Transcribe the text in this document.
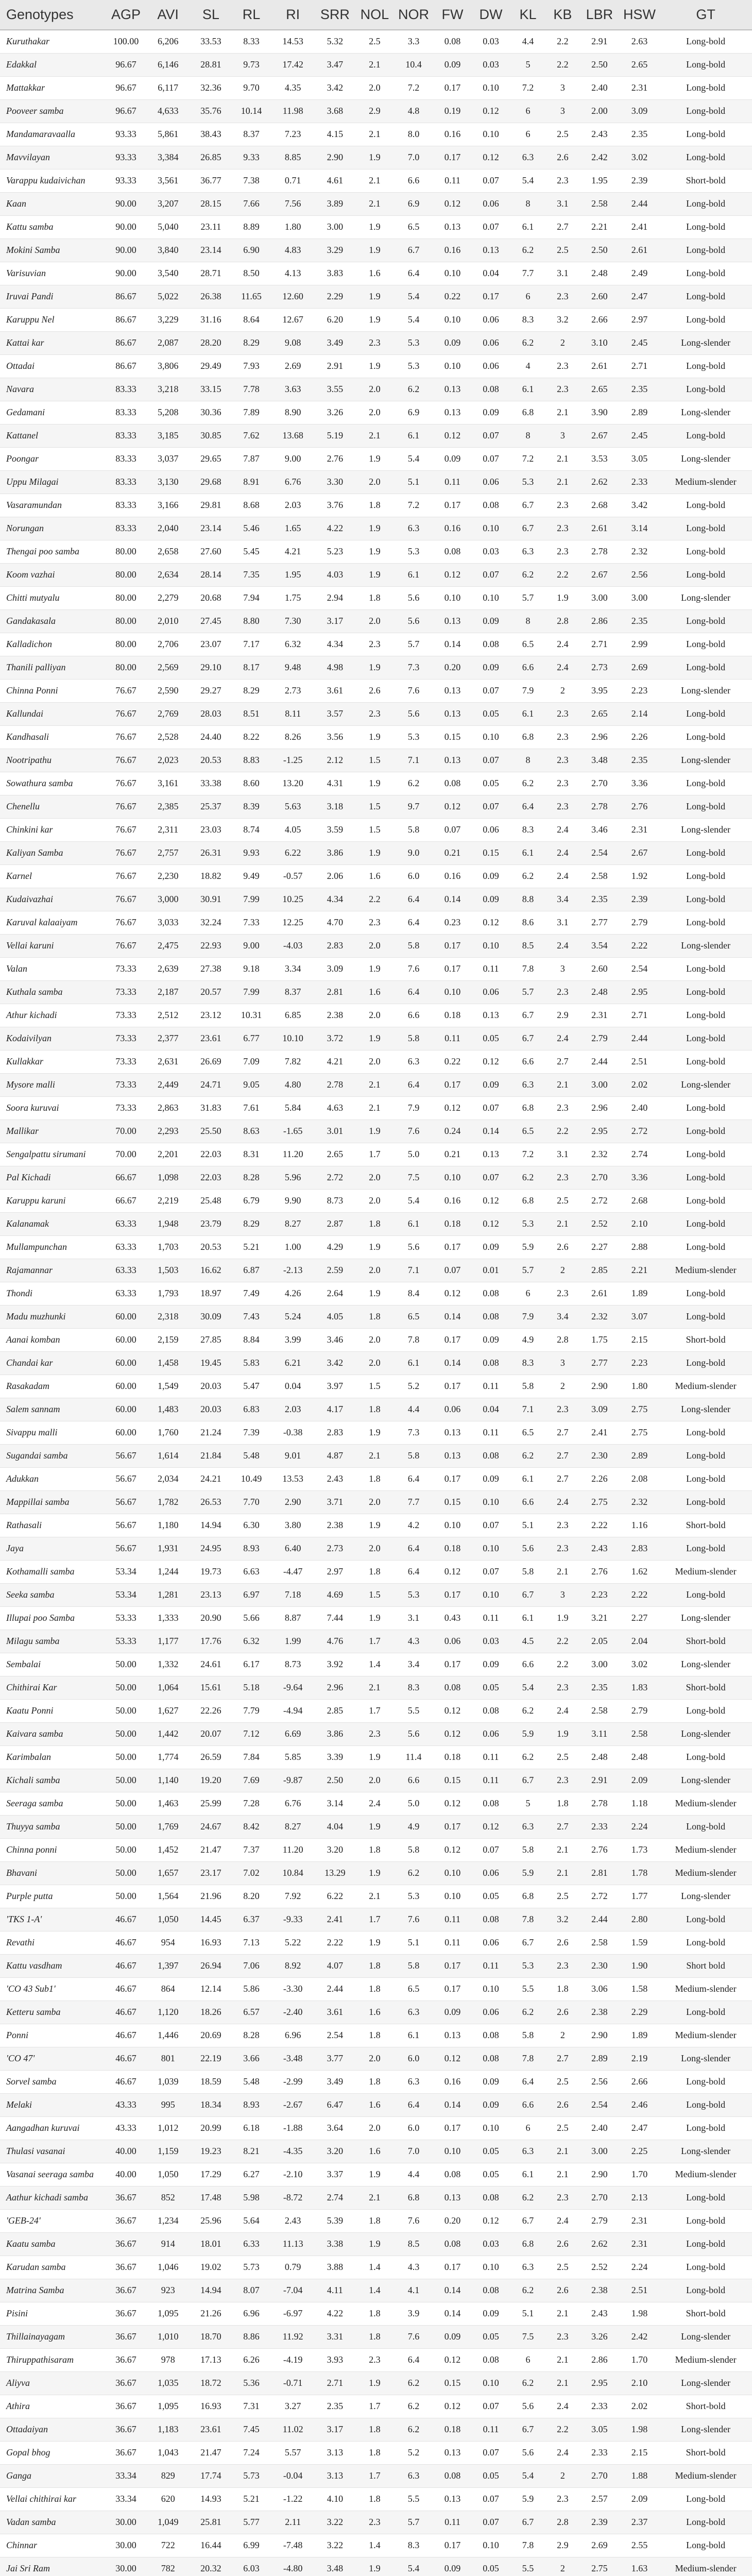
Genotypes	AGP	AVI	SL	RL	RI	SRR	NOL	NOR	FW	DW	KL	KB	LBR	HSW	GT
Kuruthakar	100.00	6,206	33.53	8.33	14.53	5.32	2.5	3.3	0.08	0.03	4.4	2.2	2.91	2.63	Long-bold
Edakkal	96.67	6,146	28.81	9.73	17.42	3.47	2.1	10.4	0.09	0.03	5	2.2	2.50	2.65	Long-bold
Mattakkar	96.67	6,117	32.36	9.70	4.35	3.42	2.0	7.2	0.17	0.10	7.2	3	2.40	2.31	Long-bold
Pooveer samba	96.67	4,633	35.76	10.14	11.98	3.68	2.9	4.8	0.19	0.12	6	3	2.00	3.09	Long-bold
Mandamaravaalla	93.33	5,861	38.43	8.37	7.23	4.15	2.1	8.0	0.16	0.10	6	2.5	2.43	2.35	Long-bold
Mavvilayan	93.33	3,384	26.85	9.33	8.85	2.90	1.9	7.0	0.17	0.12	6.3	2.6	2.42	3.02	Long-bold
Varappu kudaivichan	93.33	3,561	36.77	7.38	0.71	4.61	2.1	6.6	0.11	0.07	5.4	2.3	1.95	2.39	Short-bold
Kaan	90.00	3,207	28.15	7.66	7.56	3.89	2.1	6.9	0.12	0.06	8	3.1	2.58	2.44	Long-bold
Kattu samba	90.00	5,040	23.11	8.89	1.80	3.00	1.9	6.5	0.13	0.07	6.1	2.7	2.21	2.41	Long-bold
Mokini Samba	90.00	3,840	23.14	6.90	4.83	3.29	1.9	6.7	0.16	0.13	6.2	2.5	2.50	2.61	Long-bold
Varisuvian	90.00	3,540	28.71	8.50	4.13	3.83	1.6	6.4	0.10	0.04	7.7	3.1	2.48	2.49	Long-bold
Iruvai Pandi	86.67	5,022	26.38	11.65	12.60	2.29	1.9	5.4	0.22	0.17	6	2.3	2.60	2.47	Long-bold
Karuppu Nel	86.67	3,229	31.16	8.64	12.67	6.20	1.9	5.4	0.10	0.06	8.3	3.2	2.66	2.97	Long-bold
Kattai kar	86.67	2,087	28.20	8.29	9.08	3.49	2.3	5.3	0.09	0.06	6.2	2	3.10	2.45	Long-slender
Ottadai	86.67	3,806	29.49	7.93	2.69	2.91	1.9	5.3	0.10	0.06	4	2.3	2.61	2.71	Long-bold
Navara	83.33	3,218	33.15	7.78	3.63	3.55	2.0	6.2	0.13	0.08	6.1	2.3	2.65	2.35	Long-bold
Gedamani	83.33	5,208	30.36	7.89	8.90	3.26	2.0	6.9	0.13	0.09	6.8	2.1	3.90	2.89	Long-slender
Kattanel	83.33	3,185	30.85	7.62	13.68	5.19	2.1	6.1	0.12	0.07	8	3	2.67	2.45	Long-bold
Poongar	83.33	3,037	29.65	7.87	9.00	2.76	1.9	5.4	0.09	0.07	7.2	2.1	3.53	3.05	Long-slender
Uppu Milagai	83.33	3,130	29.68	8.91	6.76	3.30	2.0	5.1	0.11	0.06	5.3	2.1	2.62	2.33	Medium-slender
Vasaramundan	83.33	3,166	29.81	8.68	2.03	3.76	1.8	7.2	0.17	0.08	6.7	2.3	2.68	3.42	Long-bold
Norungan	83.33	2,040	23.14	5.46	1.65	4.22	1.9	6.3	0.16	0.10	6.7	2.3	2.61	3.14	Long-bold
Thengai poo samba	80.00	2,658	27.60	5.45	4.21	5.23	1.9	5.3	0.08	0.03	6.3	2.3	2.78	2.32	Long-bold
Koom vazhai	80.00	2,634	28.14	7.35	1.95	4.03	1.9	6.1	0.12	0.07	6.2	2.2	2.67	2.56	Long-bold
Chitti mutyalu	80.00	2,279	20.68	7.94	1.75	2.94	1.8	5.6	0.10	0.10	5.7	1.9	3.00	3.00	Long-slender
Gandakasala	80.00	2,010	27.45	8.80	7.30	3.17	2.0	5.6	0.13	0.09	8	2.8	2.86	2.35	Long-bold
Kalladichon	80.00	2,706	23.07	7.17	6.32	4.34	2.3	5.7	0.14	0.08	6.5	2.4	2.71	2.99	Long-bold
Thanili palliyan	80.00	2,569	29.10	8.17	9.48	4.98	1.9	7.3	0.20	0.09	6.6	2.4	2.73	2.69	Long-bold
Chinna Ponni	76.67	2,590	29.27	8.29	2.73	3.61	2.6	7.6	0.13	0.07	7.9	2	3.95	2.23	Long-slender
Kallundai	76.67	2,769	28.03	8.51	8.11	3.57	2.3	5.6	0.13	0.05	6.1	2.3	2.65	2.14	Long-bold
Kandhasali	76.67	2,528	24.40	8.22	8.26	3.56	1.9	5.3	0.15	0.10	6.8	2.3	2.96	2.26	Long-bold
Nootripathu	76.67	2,023	20.53	8.83	-1.25	2.12	1.5	7.1	0.13	0.07	8	2.3	3.48	2.35	Long-slender
Sowathura samba	76.67	3,161	33.38	8.60	13.20	4.31	1.9	6.2	0.08	0.05	6.2	2.3	2.70	3.36	Long-bold
Chenellu	76.67	2,385	25.37	8.39	5.63	3.18	1.5	9.7	0.12	0.07	6.4	2.3	2.78	2.76	Long-bold
Chinkini kar	76.67	2,311	23.03	8.74	4.05	3.59	1.5	5.8	0.07	0.06	8.3	2.4	3.46	2.31	Long-slender
Kaliyan Samba	76.67	2,757	26.31	9.93	6.22	3.86	1.9	9.0	0.21	0.15	6.1	2.4	2.54	2.67	Long-bold
Karnel	76.67	2,230	18.82	9.49	-0.57	2.06	1.6	6.0	0.16	0.09	6.2	2.4	2.58	1.92	Long-bold
Kudaivazhai	76.67	3,000	30.91	7.99	10.25	4.34	2.2	6.4	0.14	0.09	8.8	3.4	2.35	2.39	Long-bold
Karuval kalaaiyam	76.67	3,033	32.24	7.33	12.25	4.70	2.3	6.4	0.23	0.12	8.6	3.1	2.77	2.79	Long-bold
Vellai karuni	76.67	2,475	22.93	9.00	-4.03	2.83	2.0	5.8	0.17	0.10	8.5	2.4	3.54	2.22	Long-slender
Valan	73.33	2,639	27.38	9.18	3.34	3.09	1.9	7.6	0.17	0.11	7.8	3	2.60	2.54	Long-bold
Kuthala samba	73.33	2,187	20.57	7.99	8.37	2.81	1.6	6.4	0.10	0.06	5.7	2.3	2.48	2.95	Long-bold
Athur kichadi	73.33	2,512	23.12	10.31	6.85	2.38	2.0	6.6	0.18	0.13	6.7	2.9	2.31	2.71	Long-bold
Kodaivilyan	73.33	2,377	23.61	6.77	10.10	3.72	1.9	5.8	0.11	0.05	6.7	2.4	2.79	2.44	Long-bold
Kullakkar	73.33	2,631	26.69	7.09	7.82	4.21	2.0	6.3	0.22	0.12	6.6	2.7	2.44	2.51	Long-bold
Mysore malli	73.33	2,449	24.71	9.05	4.80	2.78	2.1	6.4	0.17	0.09	6.3	2.1	3.00	2.02	Long-slender
Soora kuruvai	73.33	2,863	31.83	7.61	5.84	4.63	2.1	7.9	0.12	0.07	6.8	2.3	2.96	2.40	Long-bold
Mallikar	70.00	2,293	25.50	8.63	-1.65	3.01	1.9	7.6	0.24	0.14	6.5	2.2	2.95	2.72	Long-bold
Sengalpattu sirumani	70.00	2,201	22.03	8.31	11.20	2.65	1.7	5.0	0.21	0.13	7.2	3.1	2.32	2.74	Long-bold
Pal Kichadi	66.67	1,098	22.03	8.28	5.96	2.72	2.0	7.5	0.10	0.07	6.2	2.3	2.70	3.36	Long-bold
Karuppu karuni	66.67	2,219	25.48	6.79	9.90	8.73	2.0	5.4	0.16	0.12	6.8	2.5	2.72	2.68	Long-bold
Kalanamak	63.33	1,948	23.79	8.29	8.27	2.87	1.8	6.1	0.18	0.12	5.3	2.1	2.52	2.10	Long-bold
Mullampunchan	63.33	1,703	20.53	5.21	1.00	4.29	1.9	5.6	0.17	0.09	5.9	2.6	2.27	2.88	Long-bold
Rajamannar	63.33	1,503	16.62	6.87	-2.13	2.59	2.0	7.1	0.07	0.01	5.7	2	2.85	2.21	Medium-slender
Thondi	63.33	1,793	18.97	7.49	4.26	2.64	1.9	8.4	0.12	0.08	6	2.3	2.61	1.89	Long-bold
Madu muzhunki	60.00	2,318	30.09	7.43	5.24	4.05	1.8	6.5	0.14	0.08	7.9	3.4	2.32	3.07	Long-bold
Aanai komban	60.00	2,159	27.85	8.84	3.99	3.46	2.0	7.8	0.17	0.09	4.9	2.8	1.75	2.15	Short-bold
Chandai kar	60.00	1,458	19.45	5.83	6.21	3.42	2.0	6.1	0.14	0.08	8.3	3	2.77	2.23	Long-bold
Rasakadam	60.00	1,549	20.03	5.47	0.04	3.97	1.5	5.2	0.17	0.11	5.8	2	2.90	1.80	Medium-slender
Salem sannam	60.00	1,483	20.03	6.83	2.03	4.17	1.8	4.4	0.06	0.04	7.1	2.3	3.09	2.75	Long-slender
Sivappu malli	60.00	1,760	21.24	7.39	-0.38	2.83	1.9	7.3	0.13	0.11	6.5	2.7	2.41	2.75	Long-bold
Sugandai samba	56.67	1,614	21.84	5.48	9.01	4.87	2.1	5.8	0.13	0.08	6.2	2.7	2.30	2.89	Long-bold
Adukkan	56.67	2,034	24.21	10.49	13.53	2.43	1.8	6.4	0.17	0.09	6.1	2.7	2.26	2.08	Long-bold
Mappillai samba	56.67	1,782	26.53	7.70	2.90	3.71	2.0	7.7	0.15	0.10	6.6	2.4	2.75	2.32	Long-bold
Rathasali	56.67	1,180	14.94	6.30	3.80	2.38	1.9	4.2	0.10	0.07	5.1	2.3	2.22	1.16	Short-bold
Jaya	56.67	1,931	24.95	8.93	6.40	2.73	2.0	6.4	0.18	0.10	5.6	2.3	2.43	2.83	Long-bold
Kothamalli samba	53.34	1,244	19.73	6.63	-4.47	2.97	1.8	6.4	0.12	0.07	5.8	2.1	2.76	1.62	Medium-slender
Seeka samba	53.34	1,281	23.13	6.97	7.18	4.69	1.5	5.3	0.17	0.10	6.7	3	2.23	2.22	Long-bold
Illupai poo Samba	53.33	1,333	20.90	5.66	8.87	7.44	1.9	3.1	0.43	0.11	6.1	1.9	3.21	2.27	Long-slender
Milagu samba	53.33	1,177	17.76	6.32	1.99	4.76	1.7	4.3	0.06	0.03	4.5	2.2	2.05	2.04	Short-bold
Sembalai	50.00	1,332	24.61	6.17	8.73	3.92	1.4	3.4	0.17	0.09	6.6	2.2	3.00	3.02	Long-slender
Chithirai Kar	50.00	1,064	15.61	5.18	-9.64	2.96	2.1	8.3	0.08	0.05	5.4	2.3	2.35	1.83	Short-bold
Kaatu Ponni	50.00	1,627	22.26	7.79	-4.94	2.85	1.7	5.5	0.12	0.08	6.2	2.4	2.58	2.79	Long-bold
Kaivara samba	50.00	1,442	20.07	7.12	6.69	3.86	2.3	5.6	0.12	0.06	5.9	1.9	3.11	2.58	Long-slender
Karimbalan	50.00	1,774	26.59	7.84	5.85	3.39	1.9	11.4	0.18	0.11	6.2	2.5	2.48	2.48	Long-bold
Kichali samba	50.00	1,140	19.20	7.69	-9.87	2.50	2.0	6.6	0.15	0.11	6.7	2.3	2.91	2.09	Long-slender
Seeraga samba	50.00	1,463	25.99	7.28	6.76	3.14	2.4	5.0	0.12	0.08	5	1.8	2.78	1.18	Medium-slender
Thuyya samba	50.00	1,769	24.67	8.42	8.27	4.04	1.9	4.9	0.17	0.12	6.3	2.7	2.33	2.24	Long-bold
Chinna ponni	50.00	1,452	21.47	7.37	11.20	3.20	1.8	5.8	0.12	0.07	5.8	2.1	2.76	1.73	Medium-slender
Bhavani	50.00	1,657	23.17	7.02	10.84	13.29	1.9	6.2	0.10	0.06	5.9	2.1	2.81	1.78	Medium-slender
Purple putta	50.00	1,564	21.96	8.20	7.92	6.22	2.1	5.3	0.10	0.05	6.8	2.5	2.72	1.77	Long-slender
'TKS 1-A'	46.67	1,050	14.45	6.37	-9.33	2.41	1.7	7.6	0.11	0.08	7.8	3.2	2.44	2.80	Long-bold
Revathi	46.67	954	16.93	7.13	5.22	2.22	1.9	5.1	0.11	0.06	6.7	2.6	2.58	1.59	Long-bold
Kattu vasdham	46.67	1,397	26.94	7.06	8.92	4.07	1.8	5.8	0.17	0.11	5.3	2.3	2.30	1.90	Short bold
'CO 43 Sub1'	46.67	864	12.14	5.86	-3.30	2.44	1.8	6.5	0.17	0.10	5.5	1.8	3.06	1.58	Medium-slender
Ketteru samba	46.67	1,120	18.26	6.57	-2.40	3.61	1.6	6.3	0.09	0.06	6.2	2.6	2.38	2.29	Long-bold
Ponni	46.67	1,446	20.69	8.28	6.96	2.54	1.8	6.1	0.13	0.08	5.8	2	2.90	1.89	Medium-slender
'CO 47'	46.67	801	22.19	3.66	-3.48	3.77	2.0	6.0	0.12	0.08	7.8	2.7	2.89	2.19	Long-slender
Sorvel samba	46.67	1,039	18.59	5.48	-2.99	3.49	1.8	6.3	0.16	0.09	6.4	2.5	2.56	2.66	Long-bold
Melaki	43.33	995	18.34	8.93	-2.67	6.47	1.6	6.4	0.14	0.09	6.6	2.6	2.54	2.46	Long-bold
Aangadhan kuruvai	43.33	1,012	20.99	6.18	-1.88	3.64	2.0	6.0	0.17	0.10	6	2.5	2.40	2.47	Long-bold
Thulasi vasanai	40.00	1,159	19.23	8.21	-4.35	3.20	1.6	7.0	0.10	0.05	6.3	2.1	3.00	2.25	Long-slender
Vasanai seeraga samba	40.00	1,050	17.29	6.27	-2.10	3.37	1.9	4.4	0.08	0.05	6.1	2.1	2.90	1.70	Medium-slender
Aathur kichadi samba	36.67	852	17.48	5.98	-8.72	2.74	2.1	6.8	0.13	0.08	6.2	2.3	2.70	2.13	Long-bold
'GEB-24'	36.67	1,234	25.96	5.64	2.43	5.39	1.8	7.6	0.20	0.12	6.7	2.4	2.79	2.31	Long-bold
Kaatu samba	36.67	914	18.01	6.33	11.13	3.38	1.9	8.5	0.08	0.03	6.8	2.6	2.62	2.31	Long-bold
Karudan samba	36.67	1,046	19.02	5.73	0.79	3.88	1.4	4.3	0.17	0.10	6.3	2.5	2.52	2.24	Long-bold
Matrina Samba	36.67	923	14.94	8.07	-7.04	4.11	1.4	4.1	0.14	0.08	6.2	2.6	2.38	2.51	Long-bold
Pisini	36.67	1,095	21.26	6.96	-6.97	4.22	1.8	3.9	0.14	0.09	5.1	2.1	2.43	1.98	Short-bold
Thillainayagam	36.67	1,010	18.70	8.86	11.92	3.31	1.8	7.6	0.09	0.05	7.5	2.3	3.26	2.42	Long-slender
Thiruppathisaram	36.67	978	17.13	6.26	-4.19	3.93	2.3	6.4	0.12	0.08	6	2.1	2.86	1.70	Medium-slender
Aliyva	36.67	1,035	18.72	5.36	-0.71	2.71	1.9	6.2	0.15	0.10	6.2	2.1	2.95	2.10	Long-slender
Athira	36.67	1,095	16.93	7.31	3.27	2.35	1.7	6.2	0.12	0.07	5.6	2.4	2.33	2.02	Short-bold
Ottadaiyan	36.67	1,183	23.61	7.45	11.02	3.17	1.8	6.2	0.18	0.11	6.7	2.2	3.05	1.98	Long-slender
Gopal bhog	36.67	1,043	21.47	7.24	5.57	3.13	1.8	5.2	0.13	0.07	5.6	2.4	2.33	2.15	Short-bold
Ganga	33.34	829	17.74	5.73	-0.04	3.13	1.7	6.3	0.08	0.05	5.4	2	2.70	1.88	Medium-slender
Vellai chithirai kar	33.34	620	14.93	5.21	-1.22	4.10	1.8	5.5	0.13	0.07	5.9	2.3	2.57	2.09	Long-bold
Vadan samba	30.00	1,049	25.81	5.77	2.11	3.22	2.3	5.7	0.11	0.07	6.7	2.8	2.39	2.37	Long-bold
Chinnar	30.00	722	16.44	6.99	-7.48	3.22	1.4	8.3	0.17	0.10	7.8	2.9	2.69	2.55	Long-bold
Jai Sri Ram	30.00	782	20.32	6.03	-4.80	3.48	1.9	5.4	0.09	0.05	5.5	2	2.75	1.63	Medium-slender
